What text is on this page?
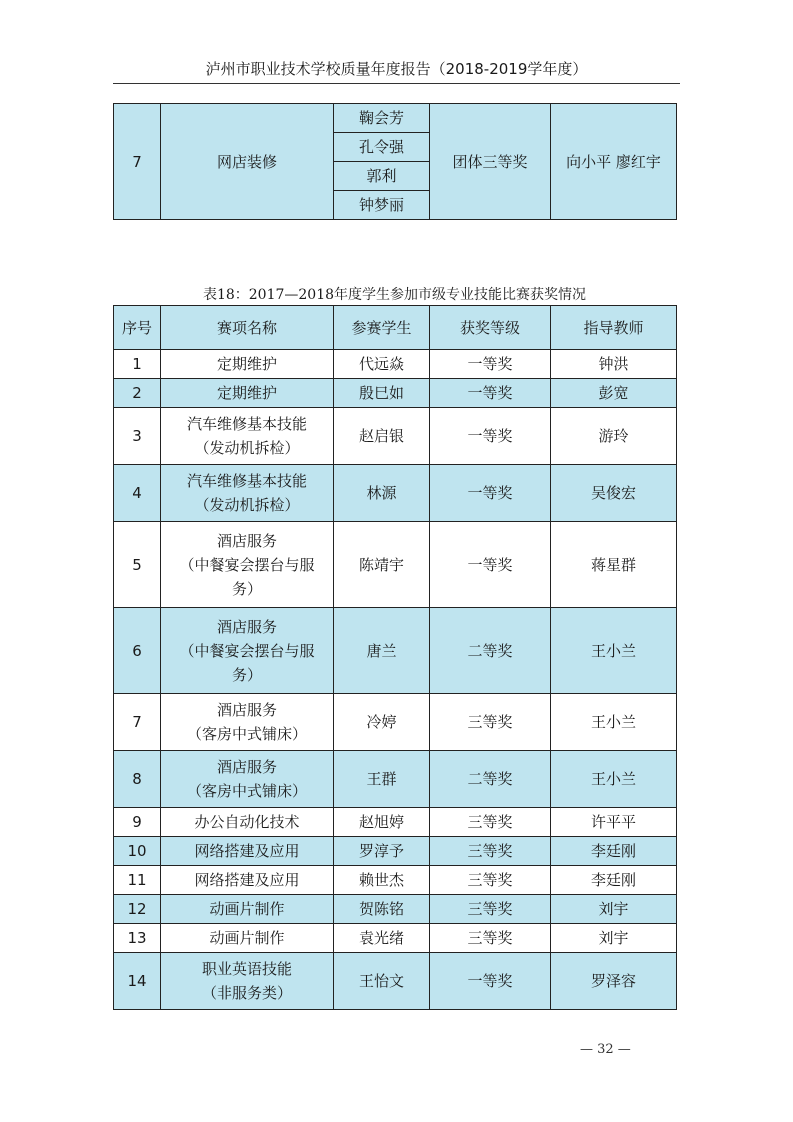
泸州市职业技术学校质量年度报告（2018-2019学年度）
7	网店装修	鞠会芳	团体三等奖	向小平 廖红宇
孔令强
郭利
钟梦丽
表18：2017—2018年度学生参加市级专业技能比赛获奖情况
序号	赛项名称	参赛学生	获奖等级	指导教师
1	定期维护	代远焱	一等奖	钟洪
2	定期维护	殷巳如	一等奖	彭宽
3	汽车维修基本技能
（发动机拆检）	赵启银	一等奖	游玲
4	汽车维修基本技能
（发动机拆检）	林源	一等奖	吴俊宏
5	酒店服务
（中餐宴会摆台与服
务）	陈靖宇	一等奖	蒋星群
6	酒店服务
（中餐宴会摆台与服
务）	唐兰	二等奖	王小兰
7	酒店服务
（客房中式铺床）	冷婷	三等奖	王小兰
8	酒店服务
（客房中式铺床）	王群	二等奖	王小兰
9	办公自动化技术	赵旭婷	三等奖	许平平
10	网络搭建及应用	罗淳予	三等奖	李廷刚
11	网络搭建及应用	赖世杰	三等奖	李廷刚
12	动画片制作	贺陈铭	三等奖	刘宇
13	动画片制作	袁光绪	三等奖	刘宇
14	职业英语技能
（非服务类）	王怡文	一等奖	罗泽容
— 32 —
